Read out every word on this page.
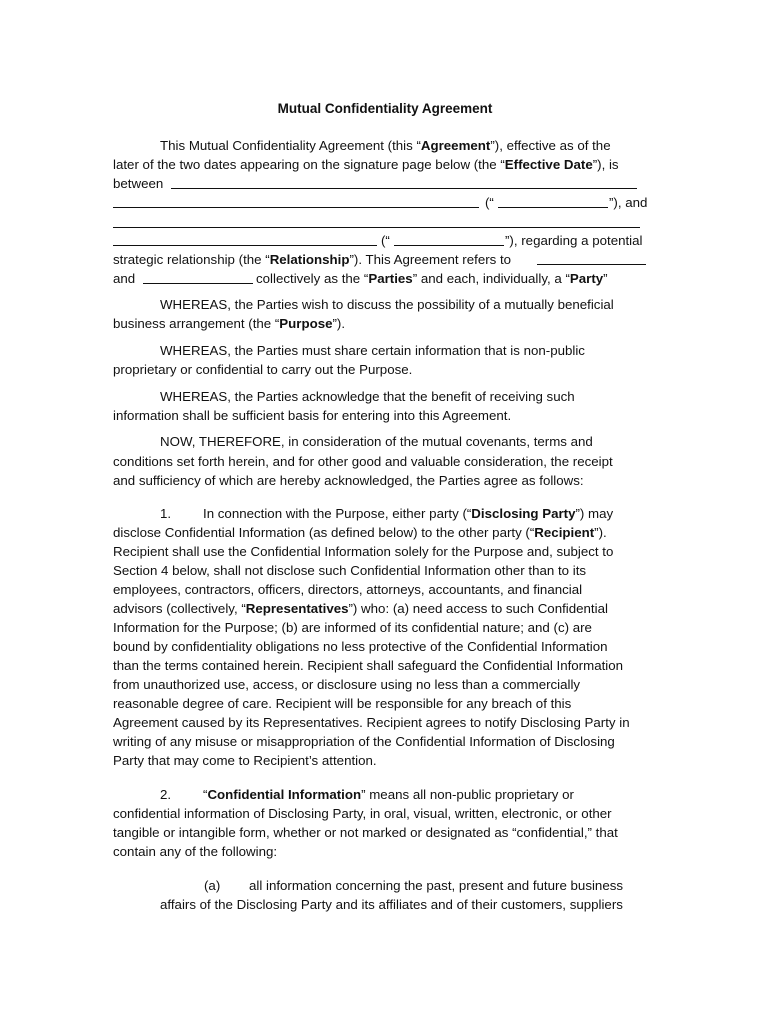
Mutual Confidentiality Agreement
This Mutual Confidentiality Agreement (this “Agreement”), effective as of the
later of the two dates appearing on the signature page below (the “Effective Date”), is
between
(“	”), and
(“	”), regarding a potential
strategic relationship (the “Relationship”). This Agreement refers to
and	collectively as the “Parties” and each, individually, a “Party”
WHEREAS, the Parties wish to discuss the possibility of a mutually beneficial
business arrangement (the “Purpose”).
WHEREAS, the Parties must share certain information that is non-public
proprietary or confidential to carry out the Purpose.
WHEREAS, the Parties acknowledge that the benefit of receiving such
information shall be sufficient basis for entering into this Agreement.
NOW, THEREFORE, in consideration of the mutual covenants, terms and
conditions set forth herein, and for other good and valuable consideration, the receipt
and sufficiency of which are hereby acknowledged, the Parties agree as follows:
1. In connection with the Purpose, either party (“Disclosing Party”) may
disclose Confidential Information (as defined below) to the other party (“Recipient”).
Recipient shall use the Confidential Information solely for the Purpose and, subject to
Section 4 below, shall not disclose such Confidential Information other than to its
employees, contractors, officers, directors, attorneys, accountants, and financial
advisors (collectively, “Representatives”) who: (a) need access to such Confidential
Information for the Purpose; (b) are informed of its confidential nature; and (c) are
bound by confidentiality obligations no less protective of the Confidential Information
than the terms contained herein. Recipient shall safeguard the Confidential Information
from unauthorized use, access, or disclosure using no less than a commercially
reasonable degree of care. Recipient will be responsible for any breach of this
Agreement caused by its Representatives. Recipient agrees to notify Disclosing Party in
writing of any misuse or misappropriation of the Confidential Information of Disclosing
Party that may come to Recipient’s attention.
2. “Confidential Information” means all non-public proprietary or
confidential information of Disclosing Party, in oral, visual, written, electronic, or other
tangible or intangible form, whether or not marked or designated as “confidential,” that
contain any of the following:
(a) all information concerning the past, present and future business
affairs of the Disclosing Party and its affiliates and of their customers, suppliers
